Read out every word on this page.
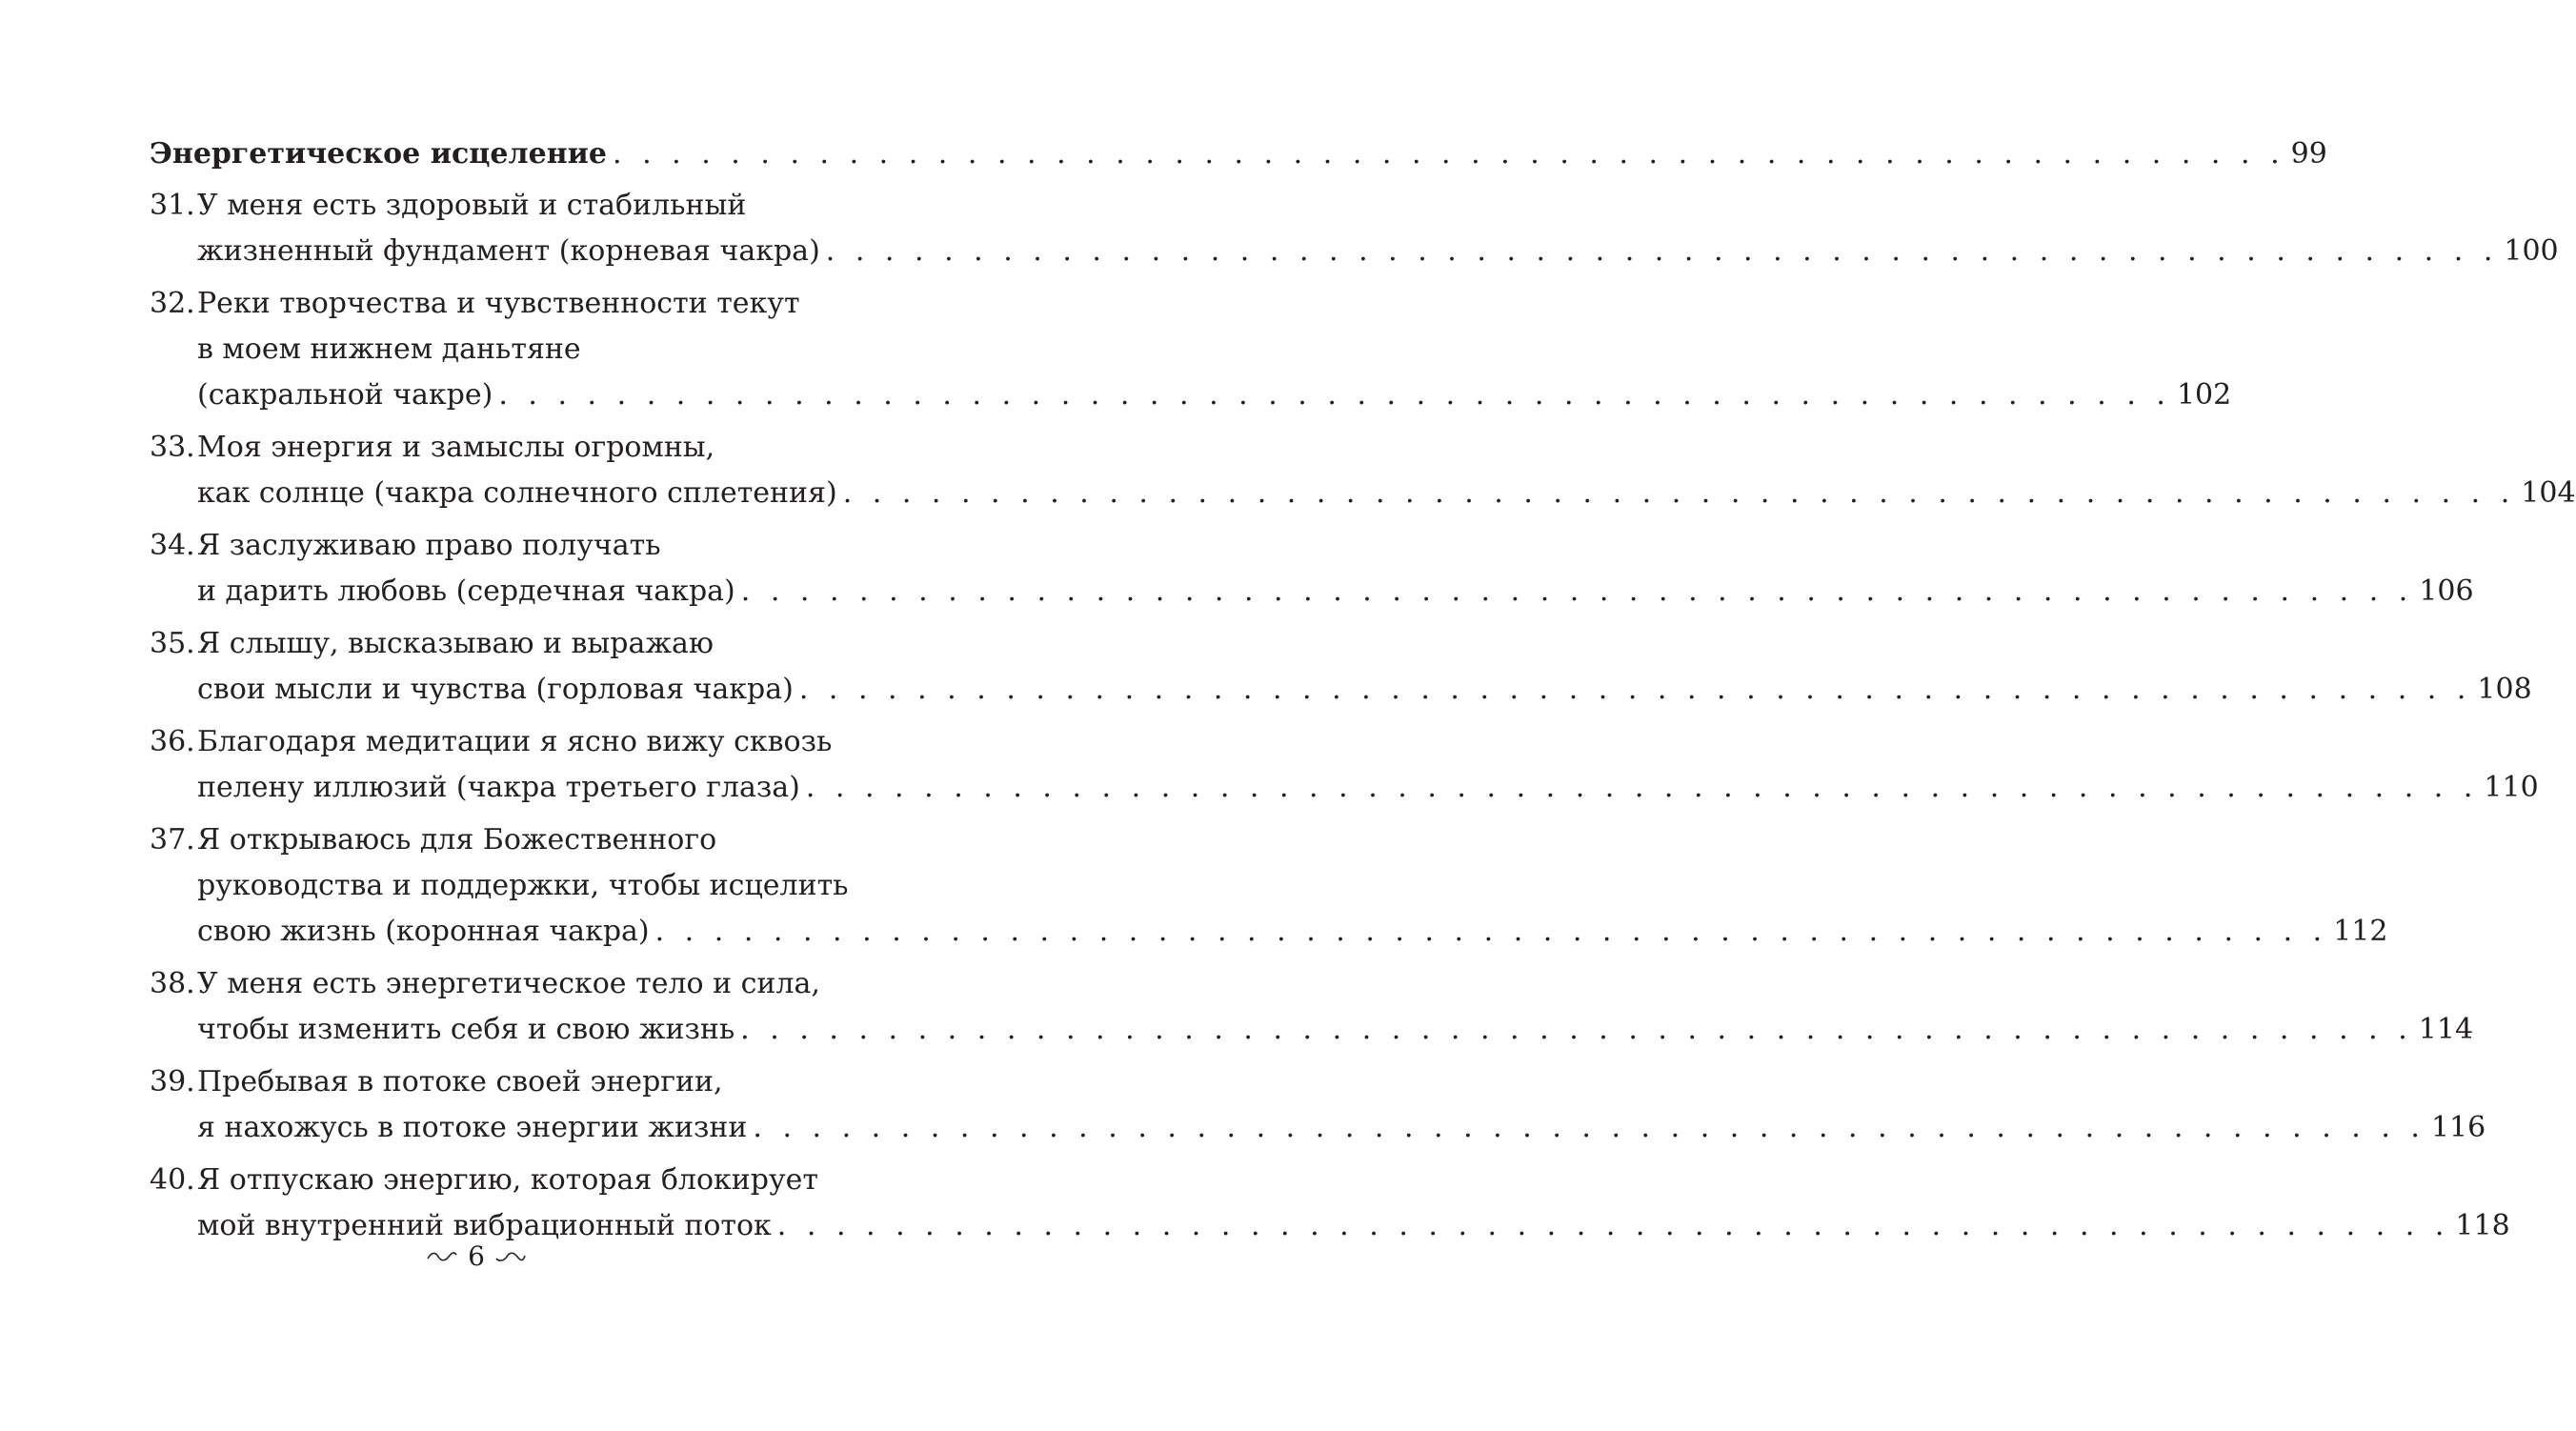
Энергетическое исцеление . . .	99
31. У меня есть здоровый и стабильный
жизненный фундамент (корневая чакра) . . .	100
32. Реки творчества и чувственности текут
в моем нижнем даньтяне
(сакральной чакре) . . .	102
33. Моя энергия и замыслы огромны,
как солнце (чакра солнечного сплетения) . . .	104
34. Я заслуживаю право получать
и дарить любовь (сердечная чакра) . . .	106
35. Я слышу, высказываю и выражаю
свои мысли и чувства (горловая чакра) . . .	108
36. Благодаря медитации я ясно вижу сквозь
пелену иллюзий (чакра третьего глаза) . . .	110
37. Я открываюсь для Божественного
руководства и поддержки, чтобы исцелить
свою жизнь (коронная чакра) . . .	112
38. У меня есть энергетическое тело и сила,
чтобы изменить себя и свою жизнь . . .	114
39. Пребывая в потоке своей энергии,
я нахожусь в потоке энергии жизни . . .	116
40. Я отпускаю энергию, которая блокирует
мой внутренний вибрационный поток . . .	118
6
